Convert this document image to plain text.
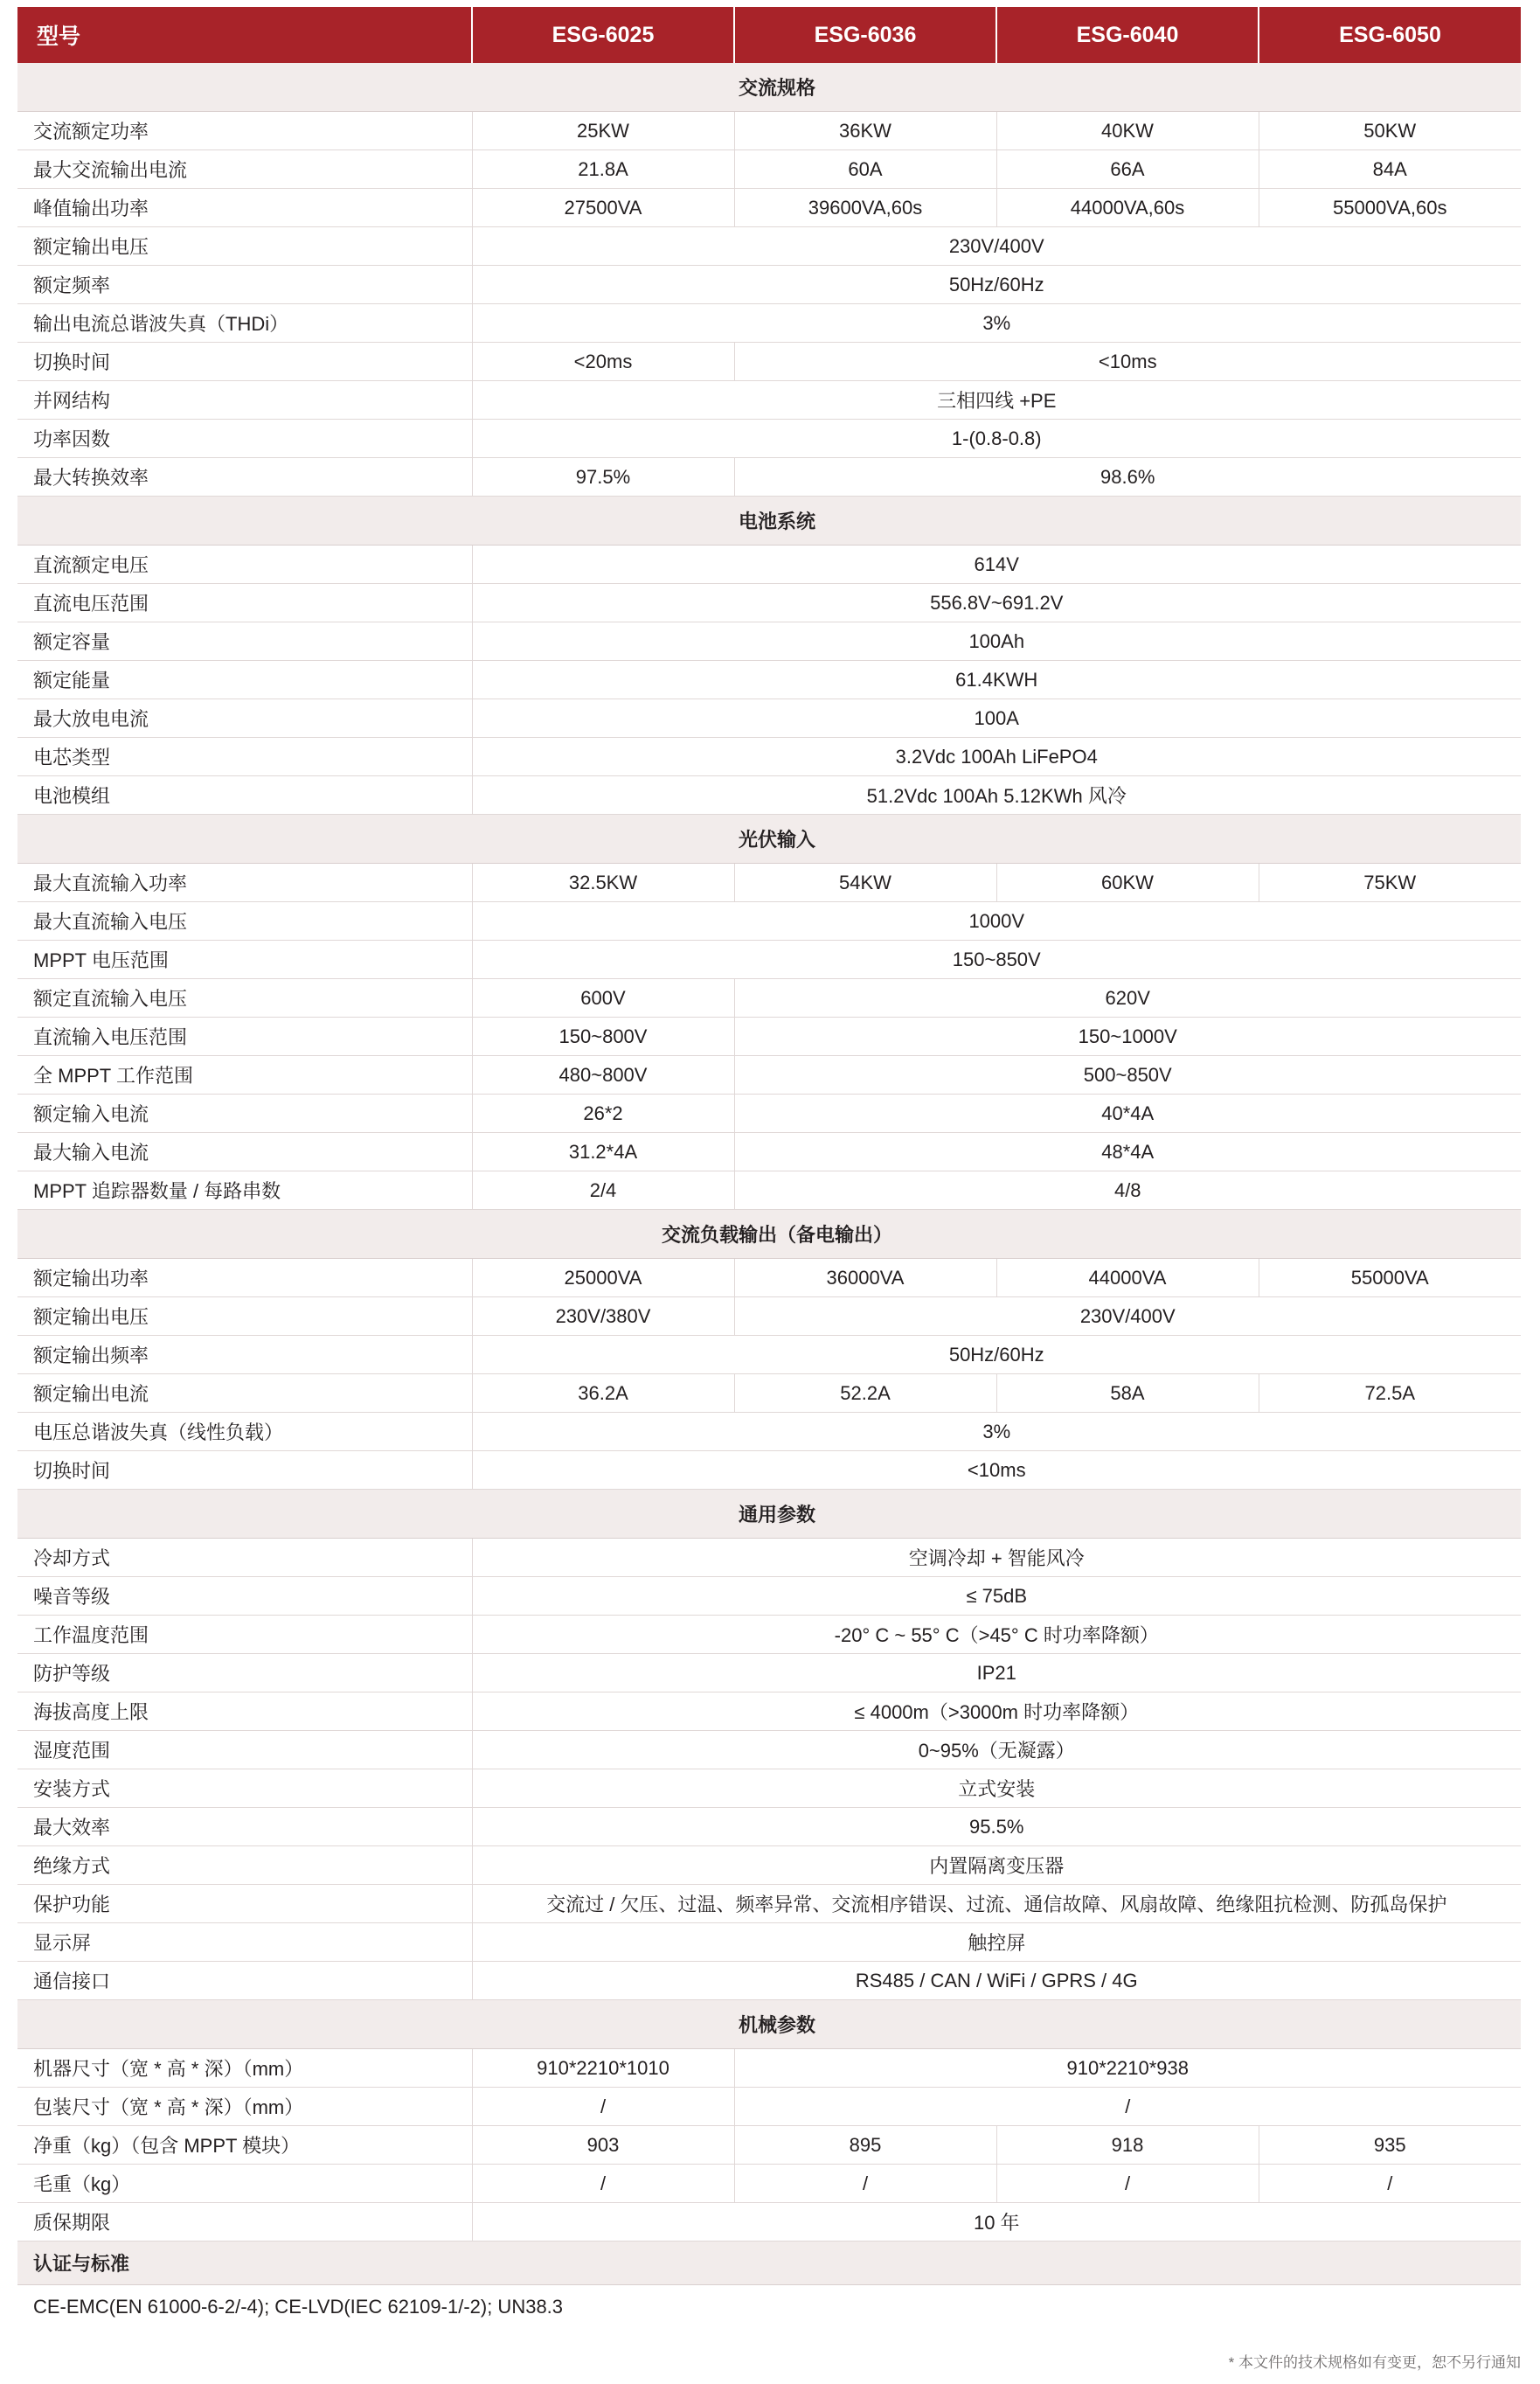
型号	ESG-6025	ESG-6036	ESG-6040	ESG-6050
交流规格				
交流额定功率	25KW	36KW	40KW	50KW
最大交流输出电流	21.8A	60A	66A	84A
峰值输出功率	27500VA	39600VA,60s	44000VA,60s	55000VA,60s
额定输出电压	230V/400V			
额定频率	50Hz/60Hz			
输出电流总谐波失真（THDi）	3%			
切换时间	<20ms	<10ms		
并网结构	三相四线 +PE			
功率因数	1-(0.8-0.8)			
最大转换效率	97.5%	98.6%		
电池系统				
直流额定电压	614V			
直流电压范围	556.8V~691.2V			
额定容量	100Ah			
额定能量	61.4KWH			
最大放电电流	100A			
电芯类型	3.2Vdc 100Ah LiFePO4			
电池模组	51.2Vdc 100Ah 5.12KWh 风冷			
光伏输入				
最大直流输入功率	32.5KW	54KW	60KW	75KW
最大直流输入电压	1000V			
MPPT 电压范围	150~850V			
额定直流输入电压	600V	620V		
直流输入电压范围	150~800V	150~1000V		
全 MPPT 工作范围	480~800V	500~850V		
额定输入电流	26*2	40*4A		
最大输入电流	31.2*4A	48*4A		
MPPT 追踪器数量 / 每路串数	2/4	4/8		
交流负载输出（备电输出）				
额定输出功率	25000VA	36000VA	44000VA	55000VA
额定输出电压	230V/380V	230V/400V		
额定输出频率	50Hz/60Hz			
额定输出电流	36.2A	52.2A	58A	72.5A
电压总谐波失真（线性负载）	3%			
切换时间	<10ms			
通用参数				
冷却方式	空调冷却 + 智能风冷			
噪音等级	≤ 75dB			
工作温度范围	-20° C ~ 55° C（>45° C 时功率降额）			
防护等级	IP21			
海拔高度上限	≤ 4000m（>3000m 时功率降额）			
湿度范围	0~95%（无凝露）			
安装方式	立式安装			
最大效率	95.5%			
绝缘方式	内置隔离变压器			
保护功能	交流过 / 欠压、过温、频率异常、交流相序错误、过流、通信故障、风扇故障、绝缘阻抗检测、防孤岛保护			
显示屏	触控屏			
通信接口	RS485 / CAN / WiFi / GPRS / 4G			
机械参数				
机器尺寸（宽 * 高 * 深）（mm）	910*2210*1010	910*2210*938		
包装尺寸（宽 * 高 * 深）（mm）	/	/		
净重（kg）（包含 MPPT 模块）	903	895	918	935
毛重（kg）	/	/	/	/
质保期限	10 年			
认证与标准
CE-EMC(EN 61000-6-2/-4); CE-LVD(IEC 62109-1/-2); UN38.3
* 本文件的技术规格如有变更，恕不另行通知
